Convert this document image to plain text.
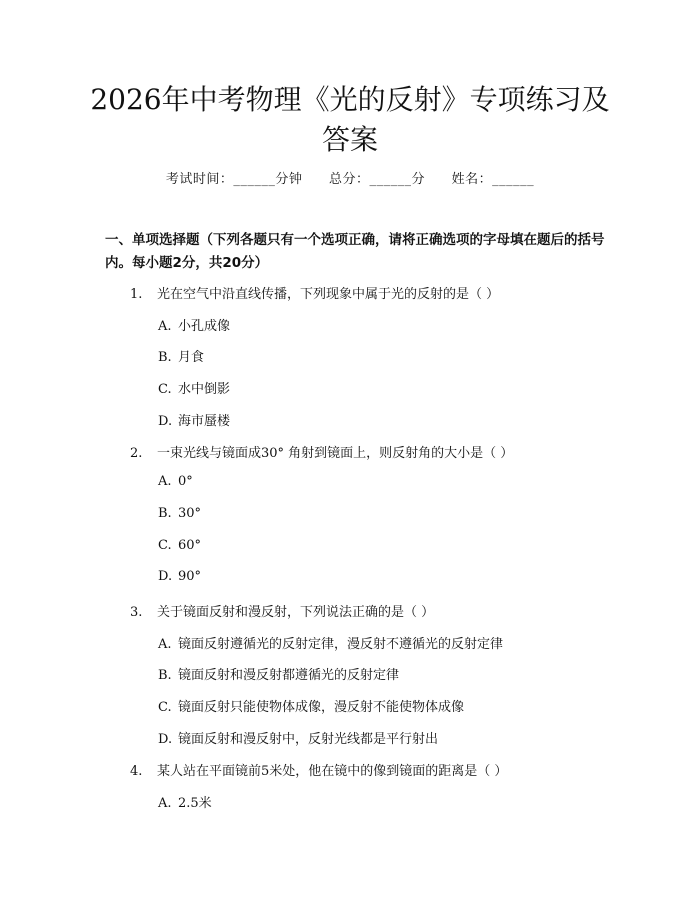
2026年中考物理《光的反射》专项练习及答案
考试时间：______分钟 总分：______分 姓名：______
一、单项选择题（下列各题只有一个选项正确，请将正确选项的字母填在题后的括号内。每小题2分，共20分）
1. 光在空气中沿直线传播，下列现象中属于光的反射的是（ ）
A. 小孔成像
B. 月食
C. 水中倒影
D. 海市蜃楼
2. 一束光线与镜面成30° 角射到镜面上，则反射角的大小是（ ）
A. 0°
B. 30°
C. 60°
D. 90°
3. 关于镜面反射和漫反射，下列说法正确的是（ ）
A. 镜面反射遵循光的反射定律，漫反射不遵循光的反射定律
B. 镜面反射和漫反射都遵循光的反射定律
C. 镜面反射只能使物体成像，漫反射不能使物体成像
D. 镜面反射和漫反射中，反射光线都是平行射出
4. 某人站在平面镜前5米处，他在镜中的像到镜面的距离是（ ）
A. 2.5米
